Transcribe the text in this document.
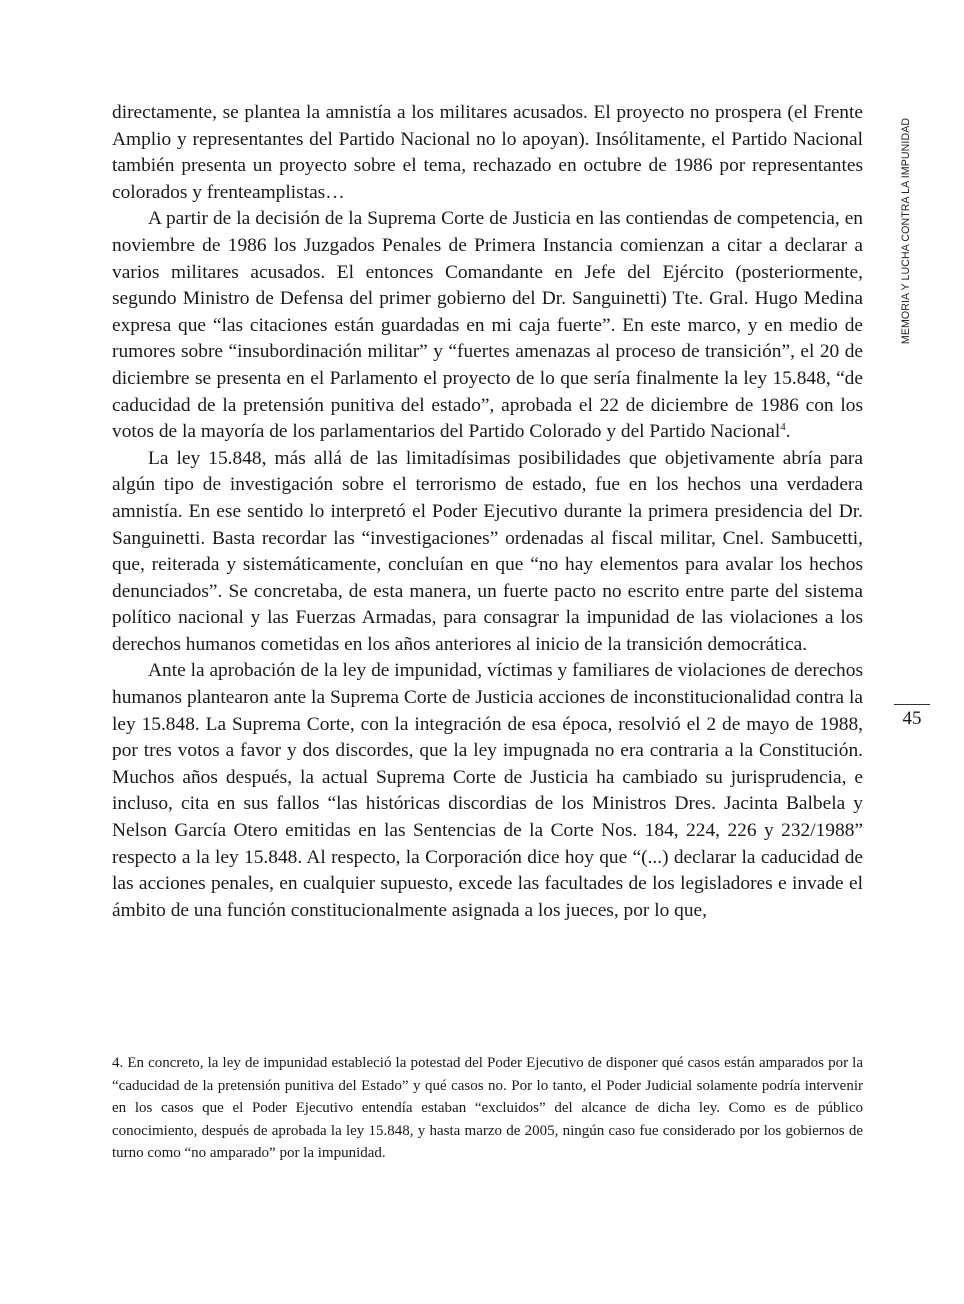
directamente, se plantea la amnistía a los militares acusados. El proyecto no prospera (el Frente Amplio y representantes del Partido Nacional no lo apoyan). Insólitamente, el Partido Nacional también presenta un proyecto sobre el tema, rechazado en octubre de 1986 por representantes colorados y frenteamplistas…

A partir de la decisión de la Suprema Corte de Justicia en las contiendas de competencia, en noviembre de 1986 los Juzgados Penales de Primera Instancia comienzan a citar a declarar a varios militares acusados. El entonces Comandante en Jefe del Ejército (posteriormente, segundo Ministro de Defensa del primer gobierno del Dr. Sanguinetti) Tte. Gral. Hugo Medina expresa que “las citaciones están guardadas en mi caja fuerte”. En este marco, y en medio de rumores sobre “insubordinación militar” y “fuertes amenazas al proceso de transición”, el 20 de diciembre se presenta en el Parlamento el proyecto de lo que sería finalmente la ley 15.848, “de caducidad de la pretensión punitiva del estado”, aprobada el 22 de diciembre de 1986 con los votos de la mayoría de los parlamentarios del Partido Colorado y del Partido Nacional$^4$.

La ley 15.848, más allá de las limitadísimas posibilidades que objetivamente abría para algún tipo de investigación sobre el terrorismo de estado, fue en los hechos una verdadera amnistía. En ese sentido lo interpretó el Poder Ejecutivo durante la primera presidencia del Dr. Sanguinetti. Basta recordar las “investigaciones” ordenadas al fiscal militar, Cnel. Sambucetti, que, reiterada y sistemáticamente, concluían en que “no hay elementos para avalar los hechos denunciados”. Se concretaba, de esta manera, un fuerte pacto no escrito entre parte del sistema político nacional y las Fuerzas Armadas, para consagrar la impunidad de las violaciones a los derechos humanos cometidas en los años anteriores al inicio de la transición democrática.

Ante la aprobación de la ley de impunidad, víctimas y familiares de violaciones de derechos humanos plantearon ante la Suprema Corte de Justicia acciones de inconstitucionalidad contra la ley 15.848. La Suprema Corte, con la integración de esa época, resolvió el 2 de mayo de 1988, por tres votos a favor y dos discordes, que la ley impugnada no era contraria a la Constitución. Muchos años después, la actual Suprema Corte de Justicia ha cambiado su jurisprudencia, e incluso, cita en sus fallos “las históricas discordias de los Ministros Dres. Jacinta Balbela y Nelson García Otero emitidas en las Sentencias de la Corte Nos. 184, 224, 226 y 232/1988” respecto a la ley 15.848. Al respecto, la Corporación dice hoy que “(...) declarar la caducidad de las acciones penales, en cualquier supuesto, excede las facultades de los legisladores e invade el ámbito de una función constitucionalmente asignada a los jueces, por lo que,

MEMORIA Y LUCHA CONTRA LA IMPUNIDAD
45

4. En concreto, la ley de impunidad estableció la potestad del Poder Ejecutivo de disponer qué casos están amparados por la “caducidad de la pretensión punitiva del Estado” y qué casos no. Por lo tanto, el Poder Judicial solamente podría intervenir en los casos que el Poder Ejecutivo entendía estaban “excluidos” del alcance de dicha ley. Como es de público conocimiento, después de aprobada la ley 15.848, y hasta marzo de 2005, ningún caso fue considerado por los gobiernos de turno como “no amparado” por la impunidad.
